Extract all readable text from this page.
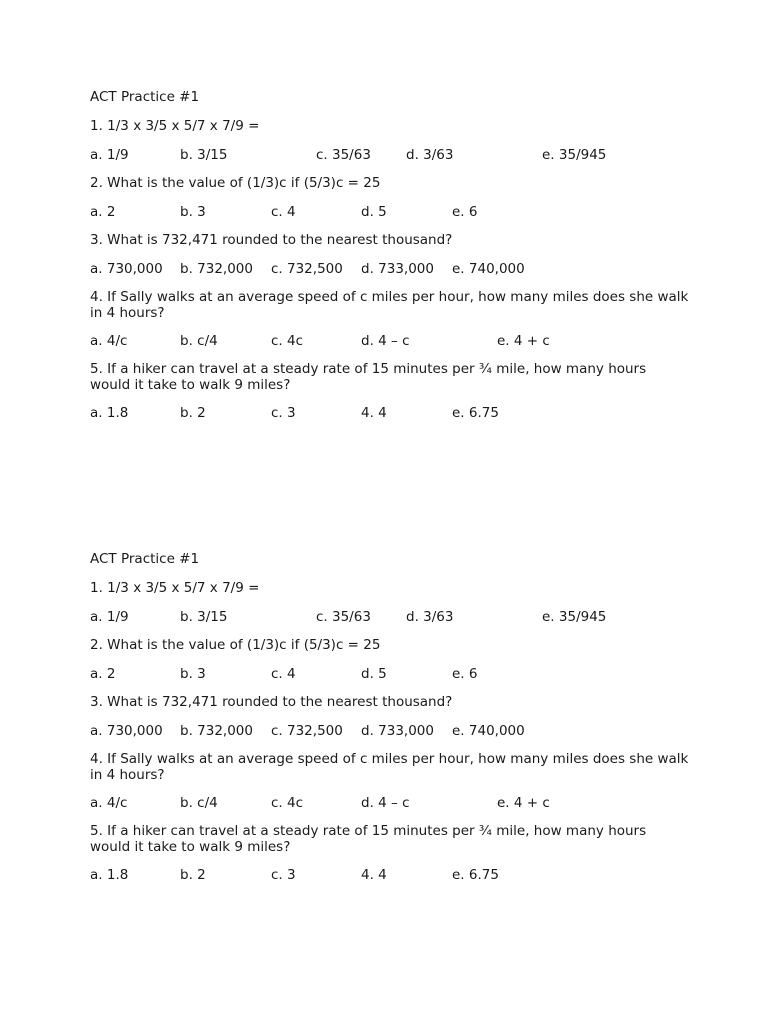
ACT Practice #1
1. 1/3 x 3/5 x 5/7 x 7/9 =
a. 1/9	b. 3/15	c. 35/63	d. 3/63	e. 35/945
2. What is the value of (1/3)c if (5/3)c = 25
a. 2	b. 3	c. 4	d. 5	e. 6
3. What is 732,471 rounded to the nearest thousand?
a. 730,000 b. 732,000 c. 732,500 d. 733,000 e. 740,000
4. If Sally walks at an average speed of c miles per hour, how many miles does she walk in 4 hours?
a. 4/c	b. c/4	c. 4c	d. 4 – c	e. 4 + c
5. If a hiker can travel at a steady rate of 15 minutes per ¾ mile, how many hours would it take to walk 9 miles?
a. 1.8	b. 2	c. 3	4. 4	e. 6.75
ACT Practice #1
1. 1/3 x 3/5 x 5/7 x 7/9 =
a. 1/9	b. 3/15	c. 35/63	d. 3/63	e. 35/945
2. What is the value of (1/3)c if (5/3)c = 25
a. 2	b. 3	c. 4	d. 5	e. 6
3. What is 732,471 rounded to the nearest thousand?
a. 730,000 b. 732,000 c. 732,500 d. 733,000 e. 740,000
4. If Sally walks at an average speed of c miles per hour, how many miles does she walk in 4 hours?
a. 4/c	b. c/4	c. 4c	d. 4 – c	e. 4 + c
5. If a hiker can travel at a steady rate of 15 minutes per ¾ mile, how many hours would it take to walk 9 miles?
a. 1.8	b. 2	c. 3	4. 4	e. 6.75
